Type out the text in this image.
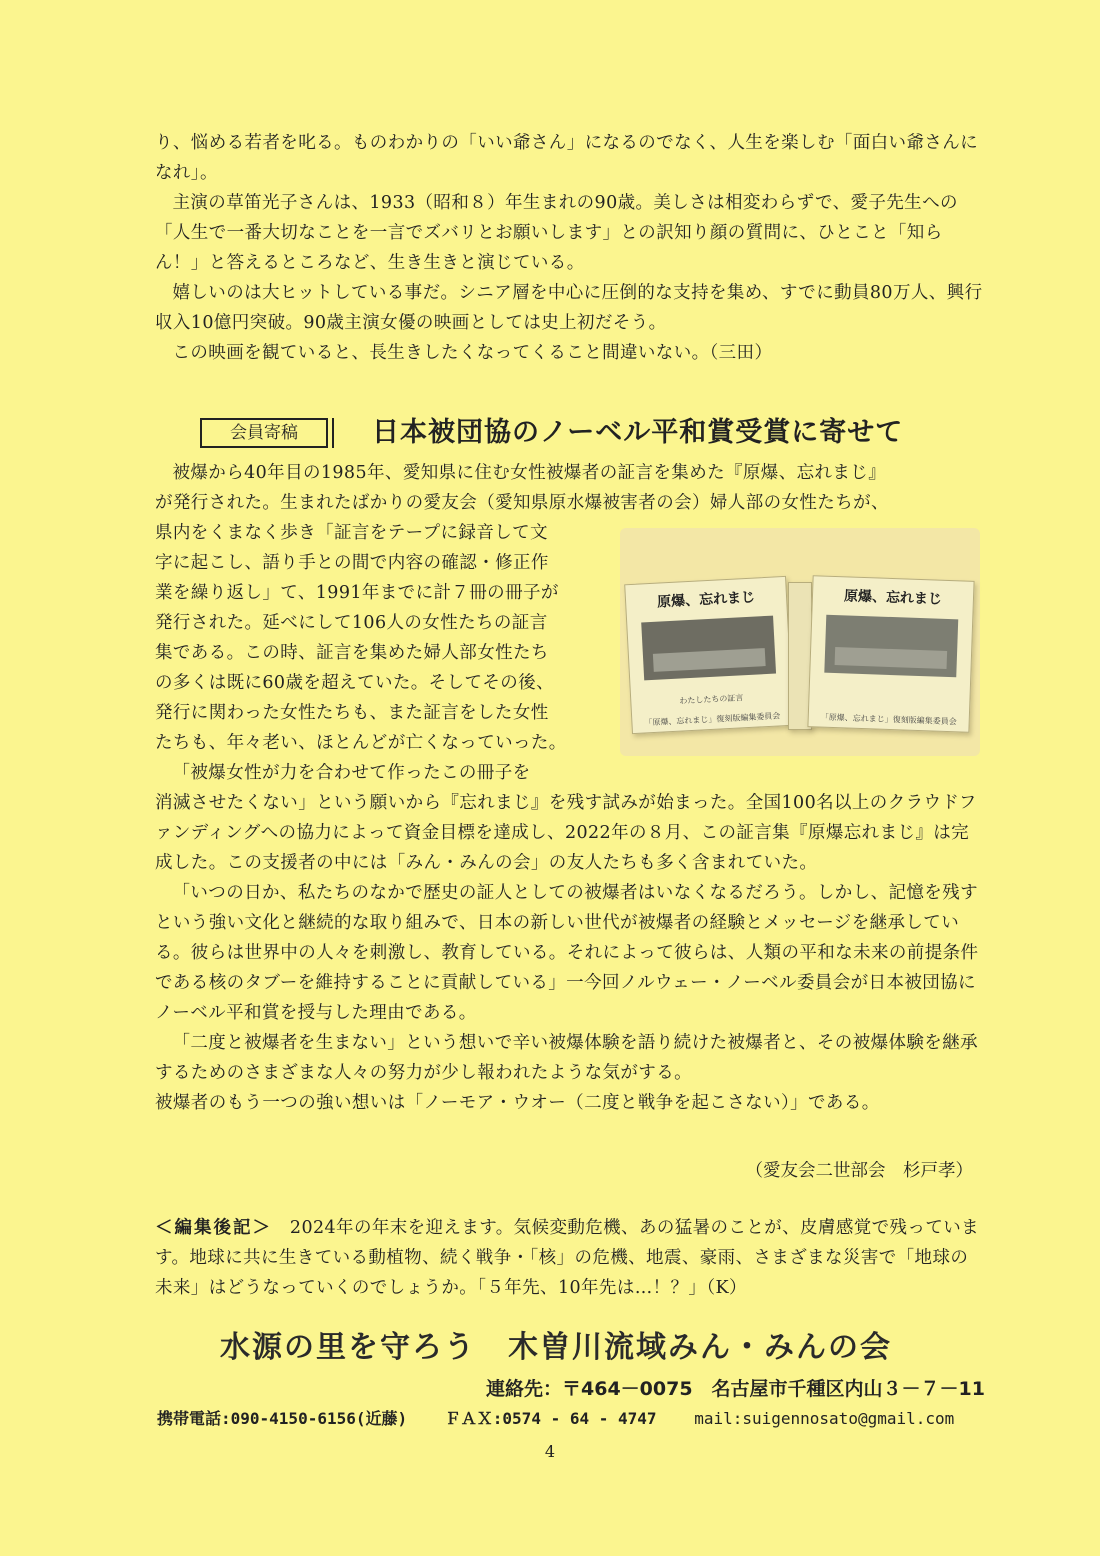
り、悩める若者を叱る。ものわかりの「いい爺さん」になるのでなく、人生を楽しむ「面白い爺さんになれ」。

主演の草笛光子さんは、1933（昭和８）年生まれの90歳。美しさは相変わらずで、愛子先生への「人生で一番大切なことを一言でズバリとお願いします」との訳知り顔の質問に、ひとこと「知らん！」と答えるところなど、生き生きと演じている。

嬉しいのは大ヒットしている事だ。シニア層を中心に圧倒的な支持を集め、すでに動員80万人、興行収入10億円突破。90歳主演女優の映画としては史上初だそう。

この映画を観ていると、長生きしたくなってくること間違いない。（三田）

会員寄稿	日本被団協のノーベル平和賞受賞に寄せて

被爆から40年目の1985年、愛知県に住む女性被爆者の証言を集めた『原爆、忘れまじ』

が発行された。生まれたばかりの愛友会（愛知県原水爆被害者の会）婦人部の女性たちが、

県内をくまなく歩き「証言をテープに録音して文

字に起こし、語り手との間で内容の確認・修正作

業を繰り返し」て、1991年までに計７冊の冊子が

発行された。延べにして106人の女性たちの証言

集である。この時、証言を集めた婦人部女性たち

の多くは既に60歳を超えていた。そしてその後、

発行に関わった女性たちも、また証言をした女性

たちも、年々老い、ほとんどが亡くなっていった。

「被爆女性が力を合わせて作ったこの冊子を

消滅させたくない」という願いから『忘れまじ』を残す試みが始まった。全国100名以上のクラウドファンディングへの協力によって資金目標を達成し、2022年の８月、この証言集『原爆忘れまじ』は完成した。この支援者の中には「みん・みんの会」の友人たちも多く含まれていた。

「いつの日か、私たちのなかで歴史の証人としての被爆者はいなくなるだろう。しかし、記憶を残すという強い文化と継続的な取り組みで、日本の新しい世代が被爆者の経験とメッセージを継承している。彼らは世界中の人々を刺激し、教育している。それによって彼らは、人類の平和な未来の前提条件である核のタブーを維持することに貢献している」一今回ノルウェー・ノーベル委員会が日本被団協にノーベル平和賞を授与した理由である。

「二度と被爆者を生まない」という想いで辛い被爆体験を語り続けた被爆者と、その被爆体験を継承するためのさまざまな人々の努力が少し報われたような気がする。

被爆者のもう一つの強い想いは「ノーモア・ウオー（二度と戦争を起こさない）」である。

原爆、忘れまじ
わたしたちの証言
「原爆、忘れまじ」復刻版編集委員会
原爆、忘れまじ
「原爆、忘れまじ」復刻版編集委員会
（愛友会二世部会　杉戸孝）

＜編集後記＞　 2024年の年末を迎えます。気候変動危機、あの猛暑のことが、皮膚感覚で残っています。地球に共に生きている動植物、続く戦争・「核」の危機、地震、豪雨、さまざまな災害で「地球の未来」はどうなっていくのでしょうか。「５年先、10年先は…！？」（K）

水源の里を守ろう　木曽川流域みん・みんの会
連絡先：〒464－0075　名古屋市千種区内山３－７－11
携帯電話:090-4150-6156(近藤) ＦＡＸ:0574 - 64 - 4747 mail:suigennosato@gmail.com
4
